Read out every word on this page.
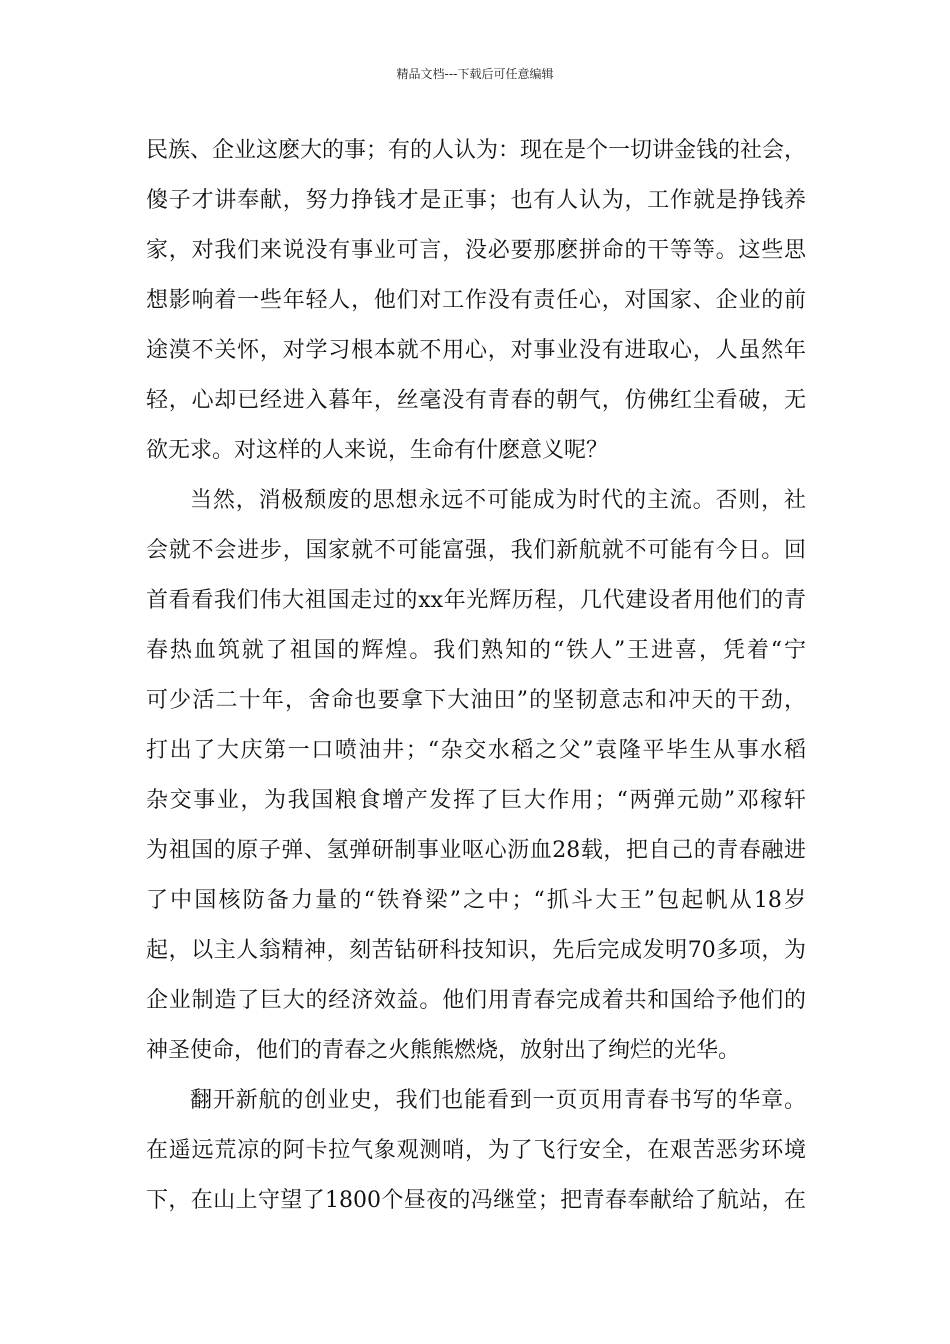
精品文档---下载后可任意编辑
民族、企业这麽大的事；有的人认为：现在是个一切讲金钱的社会，
傻子才讲奉献，努力挣钱才是正事；也有人认为，工作就是挣钱养
家，对我们来说没有事业可言，没必要那麽拼命的干等等。这些思
想影响着一些年轻人，他们对工作没有责任心，对国家、企业的前
途漠不关怀，对学习根本就不用心，对事业没有进取心，人虽然年
轻，心却已经进入暮年，丝毫没有青春的朝气，仿佛红尘看破，无
欲无求。对这样的人来说，生命有什麽意义呢？
当然，消极颓废的思想永远不可能成为时代的主流。否则，社
会就不会进步，国家就不可能富强，我们新航就不可能有今日。回
首看看我们伟大祖国走过的xx年光辉历程，几代建设者用他们的青
春热血筑就了祖国的辉煌。我们熟知的“铁人”王进喜，凭着“宁
可少活二十年，舍命也要拿下大油田”的坚韧意志和冲天的干劲，
打出了大庆第一口喷油井；“杂交水稻之父”袁隆平毕生从事水稻
杂交事业，为我国粮食增产发挥了巨大作用；“两弹元勋”邓稼轩
为祖国的原子弹、氢弹研制事业呕心沥血28载，把自己的青春融进
了中国核防备力量的“铁脊梁”之中；“抓斗大王”包起帆从18岁
起，以主人翁精神，刻苦钻研科技知识，先后完成发明70多项，为
企业制造了巨大的经济效益。他们用青春完成着共和国给予他们的
神圣使命，他们的青春之火熊熊燃烧，放射出了绚烂的光华。
翻开新航的创业史，我们也能看到一页页用青春书写的华章。
在遥远荒凉的阿卡拉气象观测哨，为了飞行安全，在艰苦恶劣环境
下，在山上守望了1800个昼夜的冯继堂；把青春奉献给了航站，在
